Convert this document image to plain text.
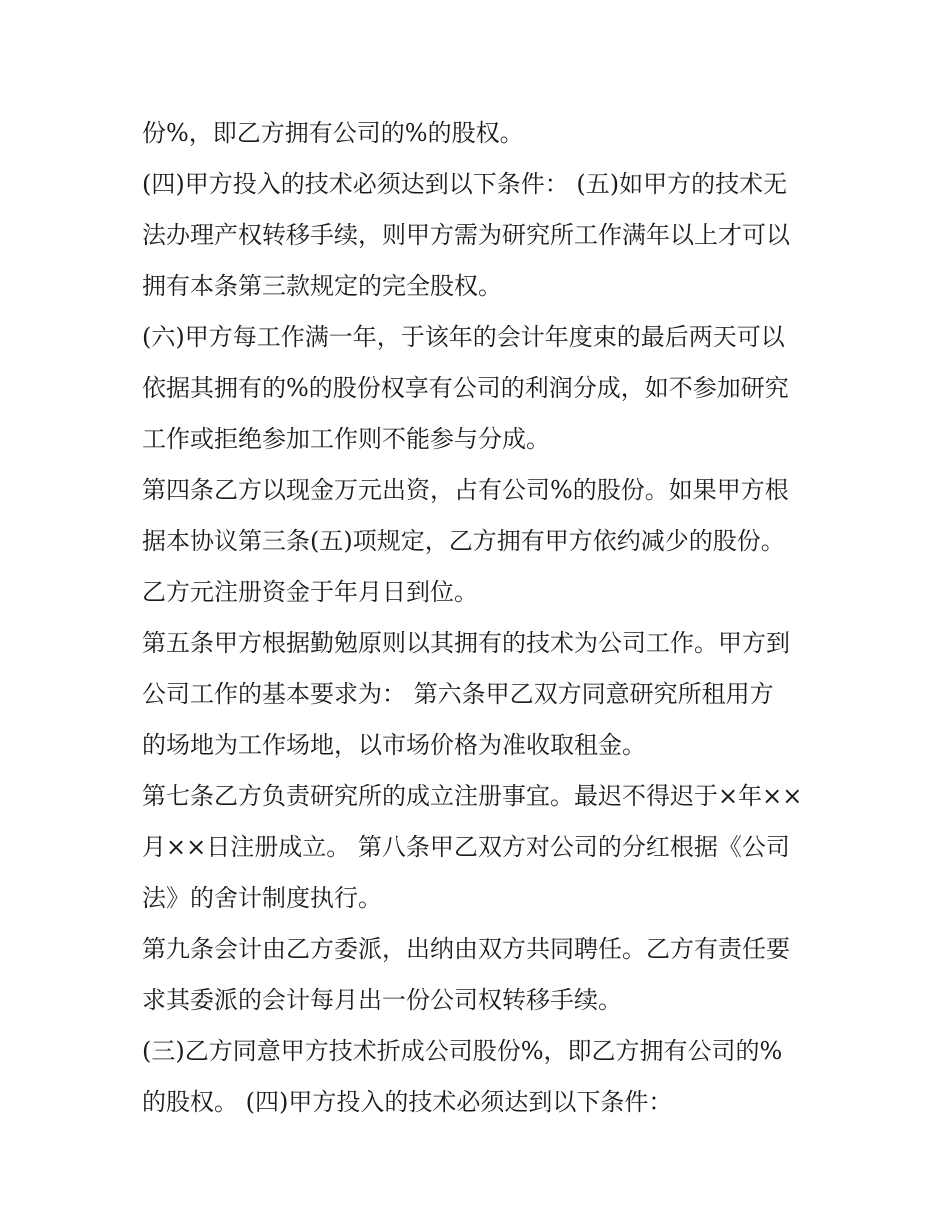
份%，即乙方拥有公司的%的股权。
(四)甲方投入的技术必须达到以下条件： (五)如甲方的技术无
法办理产权转移手续，则甲方需为研究所工作满年以上才可以
拥有本条第三款规定的完全股权。
(六)甲方每工作满一年，于该年的会计年度束的最后两天可以
依据其拥有的%的股份权享有公司的利润分成，如不参加研究
工作或拒绝参加工作则不能参与分成。
第四条乙方以现金万元出资，占有公司%的股份。如果甲方根
据本协议第三条(五)项规定，乙方拥有甲方依约减少的股份。
乙方元注册资金于年月日到位。
第五条甲方根据勤勉原则以其拥有的技术为公司工作。甲方到
公司工作的基本要求为： 第六条甲乙双方同意研究所租用方
的场地为工作场地，以市场价格为准收取租金。
第七条乙方负责研究所的成立注册事宜。最迟不得迟于×年××
月××日注册成立。 第八条甲乙双方对公司的分红根据《公司
法》的舍计制度执行。
第九条会计由乙方委派，出纳由双方共同聘任。乙方有责任要
求其委派的会计每月出一份公司权转移手续。
(三)乙方同意甲方技术折成公司股份%，即乙方拥有公司的%
的股权。 (四)甲方投入的技术必须达到以下条件：
